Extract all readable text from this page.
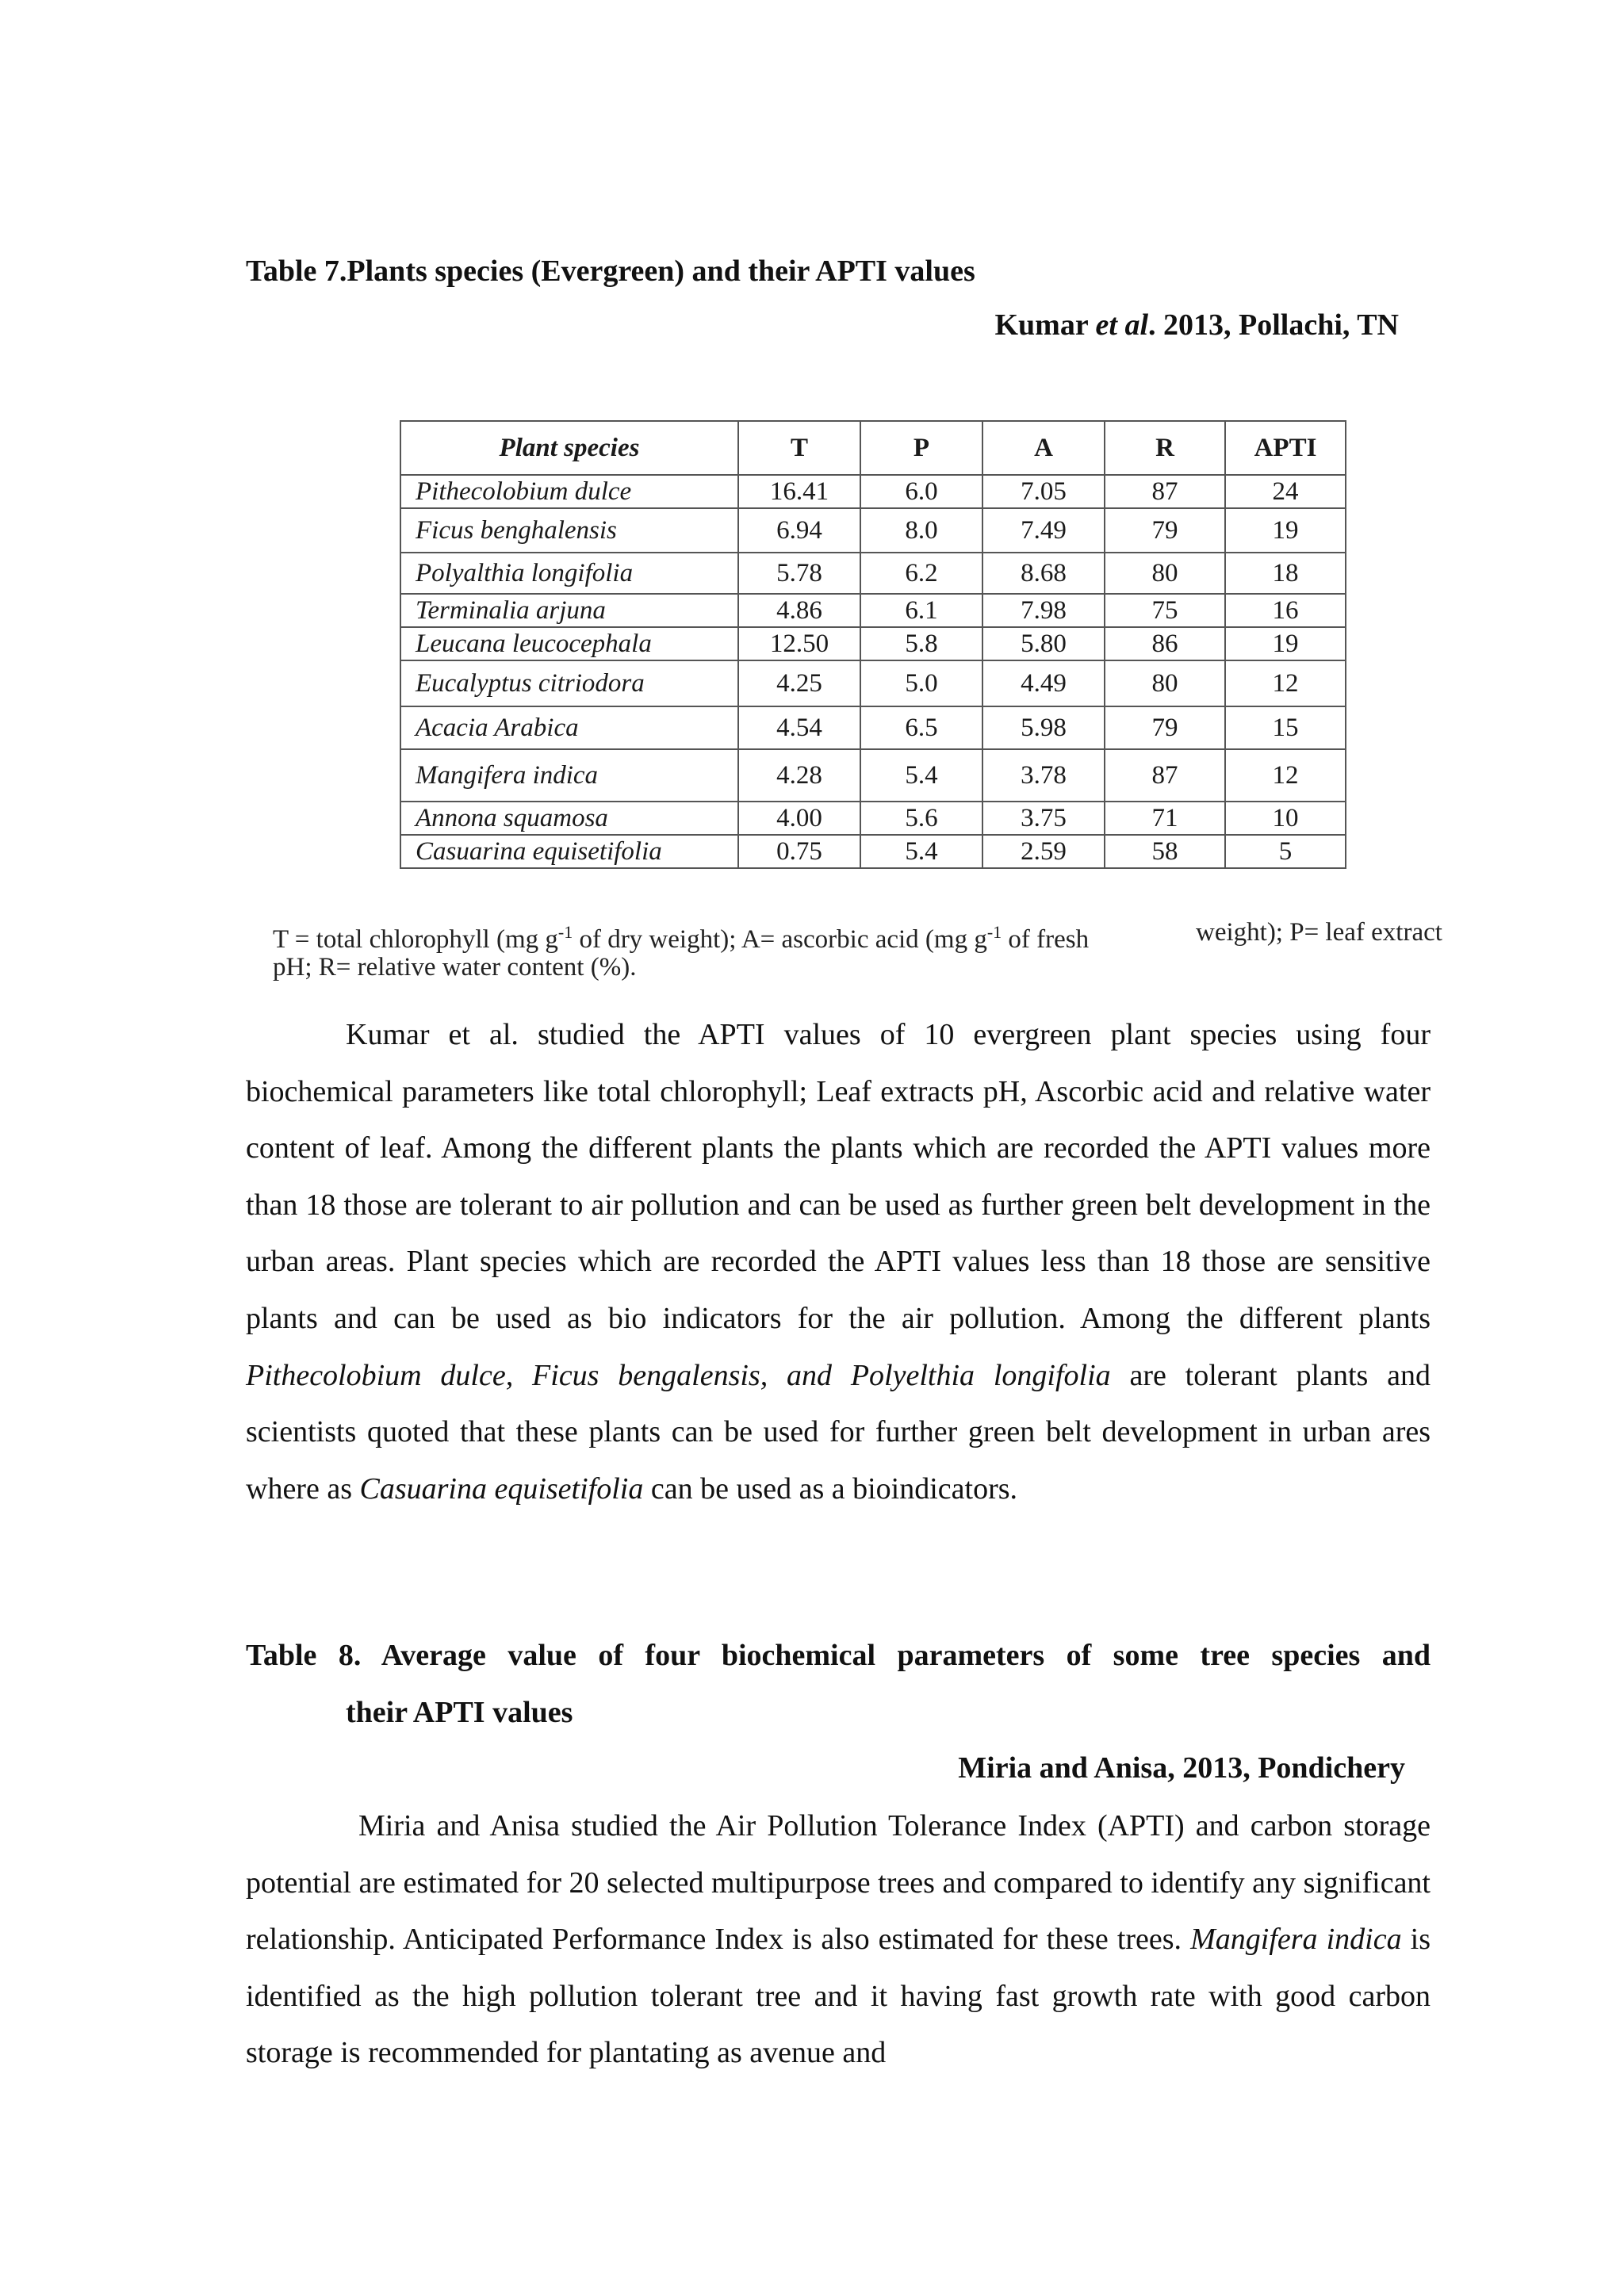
Table 7.Plants species (Evergreen) and their APTI values
Kumar et al. 2013, Pollachi, TN
Plant species	T	P	A	R	APTI
Pithecolobium dulce	16.41	6.0	7.05	87	24
Ficus benghalensis	6.94	8.0	7.49	79	19
Polyalthia longifolia	5.78	6.2	8.68	80	18
Terminalia arjuna	4.86	6.1	7.98	75	16
Leucana leucocephala	12.50	5.8	5.80	86	19
Eucalyptus citriodora	4.25	5.0	4.49	80	12
Acacia Arabica	4.54	6.5	5.98	79	15
Mangifera indica	4.28	5.4	3.78	87	12
Annona squamosa	4.00	5.6	3.75	71	10
Casuarina equisetifolia	0.75	5.4	2.59	58	5
T = total chlorophyll (mg $g^{-1}$ of dry weight); A= ascorbic acid (mg $g^{-1}$ of fresh	weight); P= leaf extract
pH; R= relative water content (%).

Kumar et al. studied the APTI values of 10 evergreen plant species using four biochemical parameters like total chlorophyll; Leaf extracts pH, Ascorbic acid and relative water content of leaf. Among the different plants the plants which are recorded the APTI values more than 18 those are tolerant to air pollution and can be used as further green belt development in the urban areas. Plant species which are recorded the APTI values less than 18 those are sensitive plants and can be used as bio indicators for the air pollution. Among the different plants Pithecolobium dulce, Ficus bengalensis, and Polyelthia longifolia are tolerant plants and scientists quoted that these plants can be used for further green belt development in urban ares where as Casuarina equisetifolia can be used as a bioindicators.

Table 8. Average value of four biochemical parameters of some tree species and
their APTI values
Miria and Anisa, 2013, Pondichery

Miria and Anisa studied the Air Pollution Tolerance Index (APTI) and carbon storage potential are estimated for 20 selected multipurpose trees and compared to identify any significant relationship. Anticipated Performance Index is also estimated for these trees. Mangifera indica is identified as the high pollution tolerant tree and it having fast growth rate with good carbon storage is recommended for plantating as avenue and
